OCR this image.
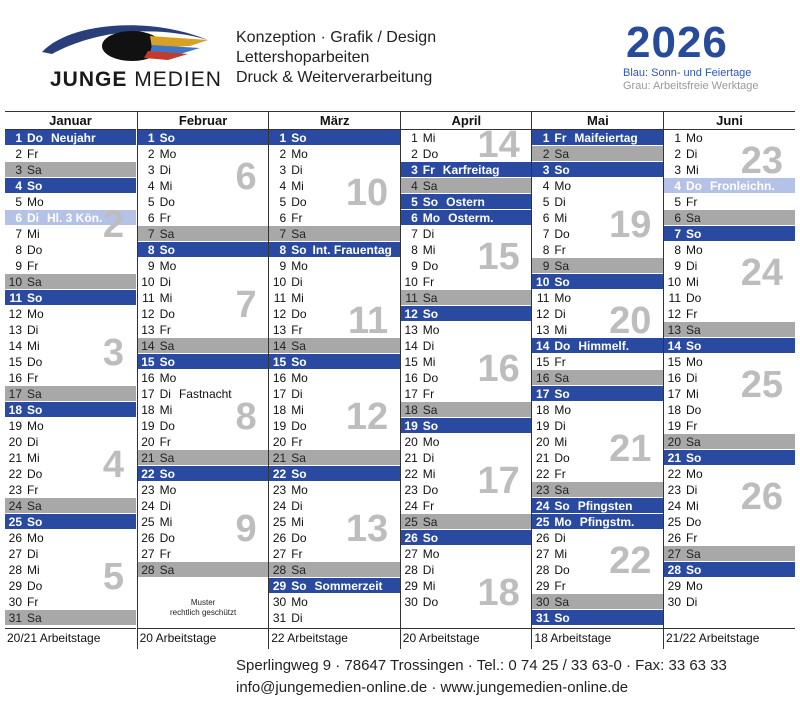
JUNGE MEDIEN
Konzeption · Grafik / Design
Lettershoparbeiten
Druck & Weiterverarbeitung
2026
Blau: Sonn- und Feiertage
Grau: Arbeitsfreie Werktage
Januar
1 Do Neujahr
2 Fr
3 Sa
4 So
5 Mo
6 Di Hl. 3 Kön.
7 Mi
8 Do
9 Fr
10 Sa
11 So
12 Mo
13 Di
14 Mi
15 Do
16 Fr
17 Sa
18 So
19 Mo
20 Di
21 Mi
22 Do
23 Fr
24 Sa
25 So
26 Mo
27 Di
28 Mi
29 Do
30 Fr
31 Sa
2
3
4
5
20/21 Arbeitstage
Februar
1 So
2 Mo
3 Di
4 Mi
5 Do
6 Fr
7 Sa
8 So
9 Mo
10 Di
11 Mi
12 Do
13 Fr
14 Sa
15 So
16 Mo
17 Di Fastnacht
18 Mi
19 Do
20 Fr
21 Sa
22 So
23 Mo
24 Di
25 Mi
26 Do
27 Fr
28 Sa
6
7
8
9
Muster
rechtlich geschützt
20 Arbeitstage
März
1 So
2 Mo
3 Di
4 Mi
5 Do
6 Fr
7 Sa
8 So Int. Frauentag
9 Mo
10 Di
11 Mi
12 Do
13 Fr
14 Sa
15 So
16 Mo
17 Di
18 Mi
19 Do
20 Fr
21 Sa
22 So
23 Mo
24 Di
25 Mi
26 Do
27 Fr
28 Sa
29 So Sommerzeit
30 Mo
31 Di
10
11
12
13
22 Arbeitstage
April
1 Mi
2 Do
3 Fr Karfreitag
4 Sa
5 So Ostern
6 Mo Osterm.
7 Di
8 Mi
9 Do
10 Fr
11 Sa
12 So
13 Mo
14 Di
15 Mi
16 Do
17 Fr
18 Sa
19 So
20 Mo
21 Di
22 Mi
23 Do
24 Fr
25 Sa
26 So
27 Mo
28 Di
29 Mi
30 Do
14
15
16
17
18
20 Arbeitstage
Mai
1 Fr Maifeiertag
2 Sa
3 So
4 Mo
5 Di
6 Mi
7 Do
8 Fr
9 Sa
10 So
11 Mo
12 Di
13 Mi
14 Do Himmelf.
15 Fr
16 Sa
17 So
18 Mo
19 Di
20 Mi
21 Do
22 Fr
23 Sa
24 So Pfingsten
25 Mo Pfingstm.
26 Di
27 Mi
28 Do
29 Fr
30 Sa
31 So
19
20
21
22
18 Arbeitstage
Juni
1 Mo
2 Di
3 Mi
4 Do Fronleichn.
5 Fr
6 Sa
7 So
8 Mo
9 Di
10 Mi
11 Do
12 Fr
13 Sa
14 So
15 Mo
16 Di
17 Mi
18 Do
19 Fr
20 Sa
21 So
22 Mo
23 Di
24 Mi
25 Do
26 Fr
27 Sa
28 So
29 Mo
30 Di
23
24
25
26
21/22 Arbeitstage
Sperlingweg 9 · 78647 Trossingen · Tel.: 0 74 25 / 33 63-0 · Fax: 33 63 33
info@jungemedien-online.de · www.jungemedien-online.de
